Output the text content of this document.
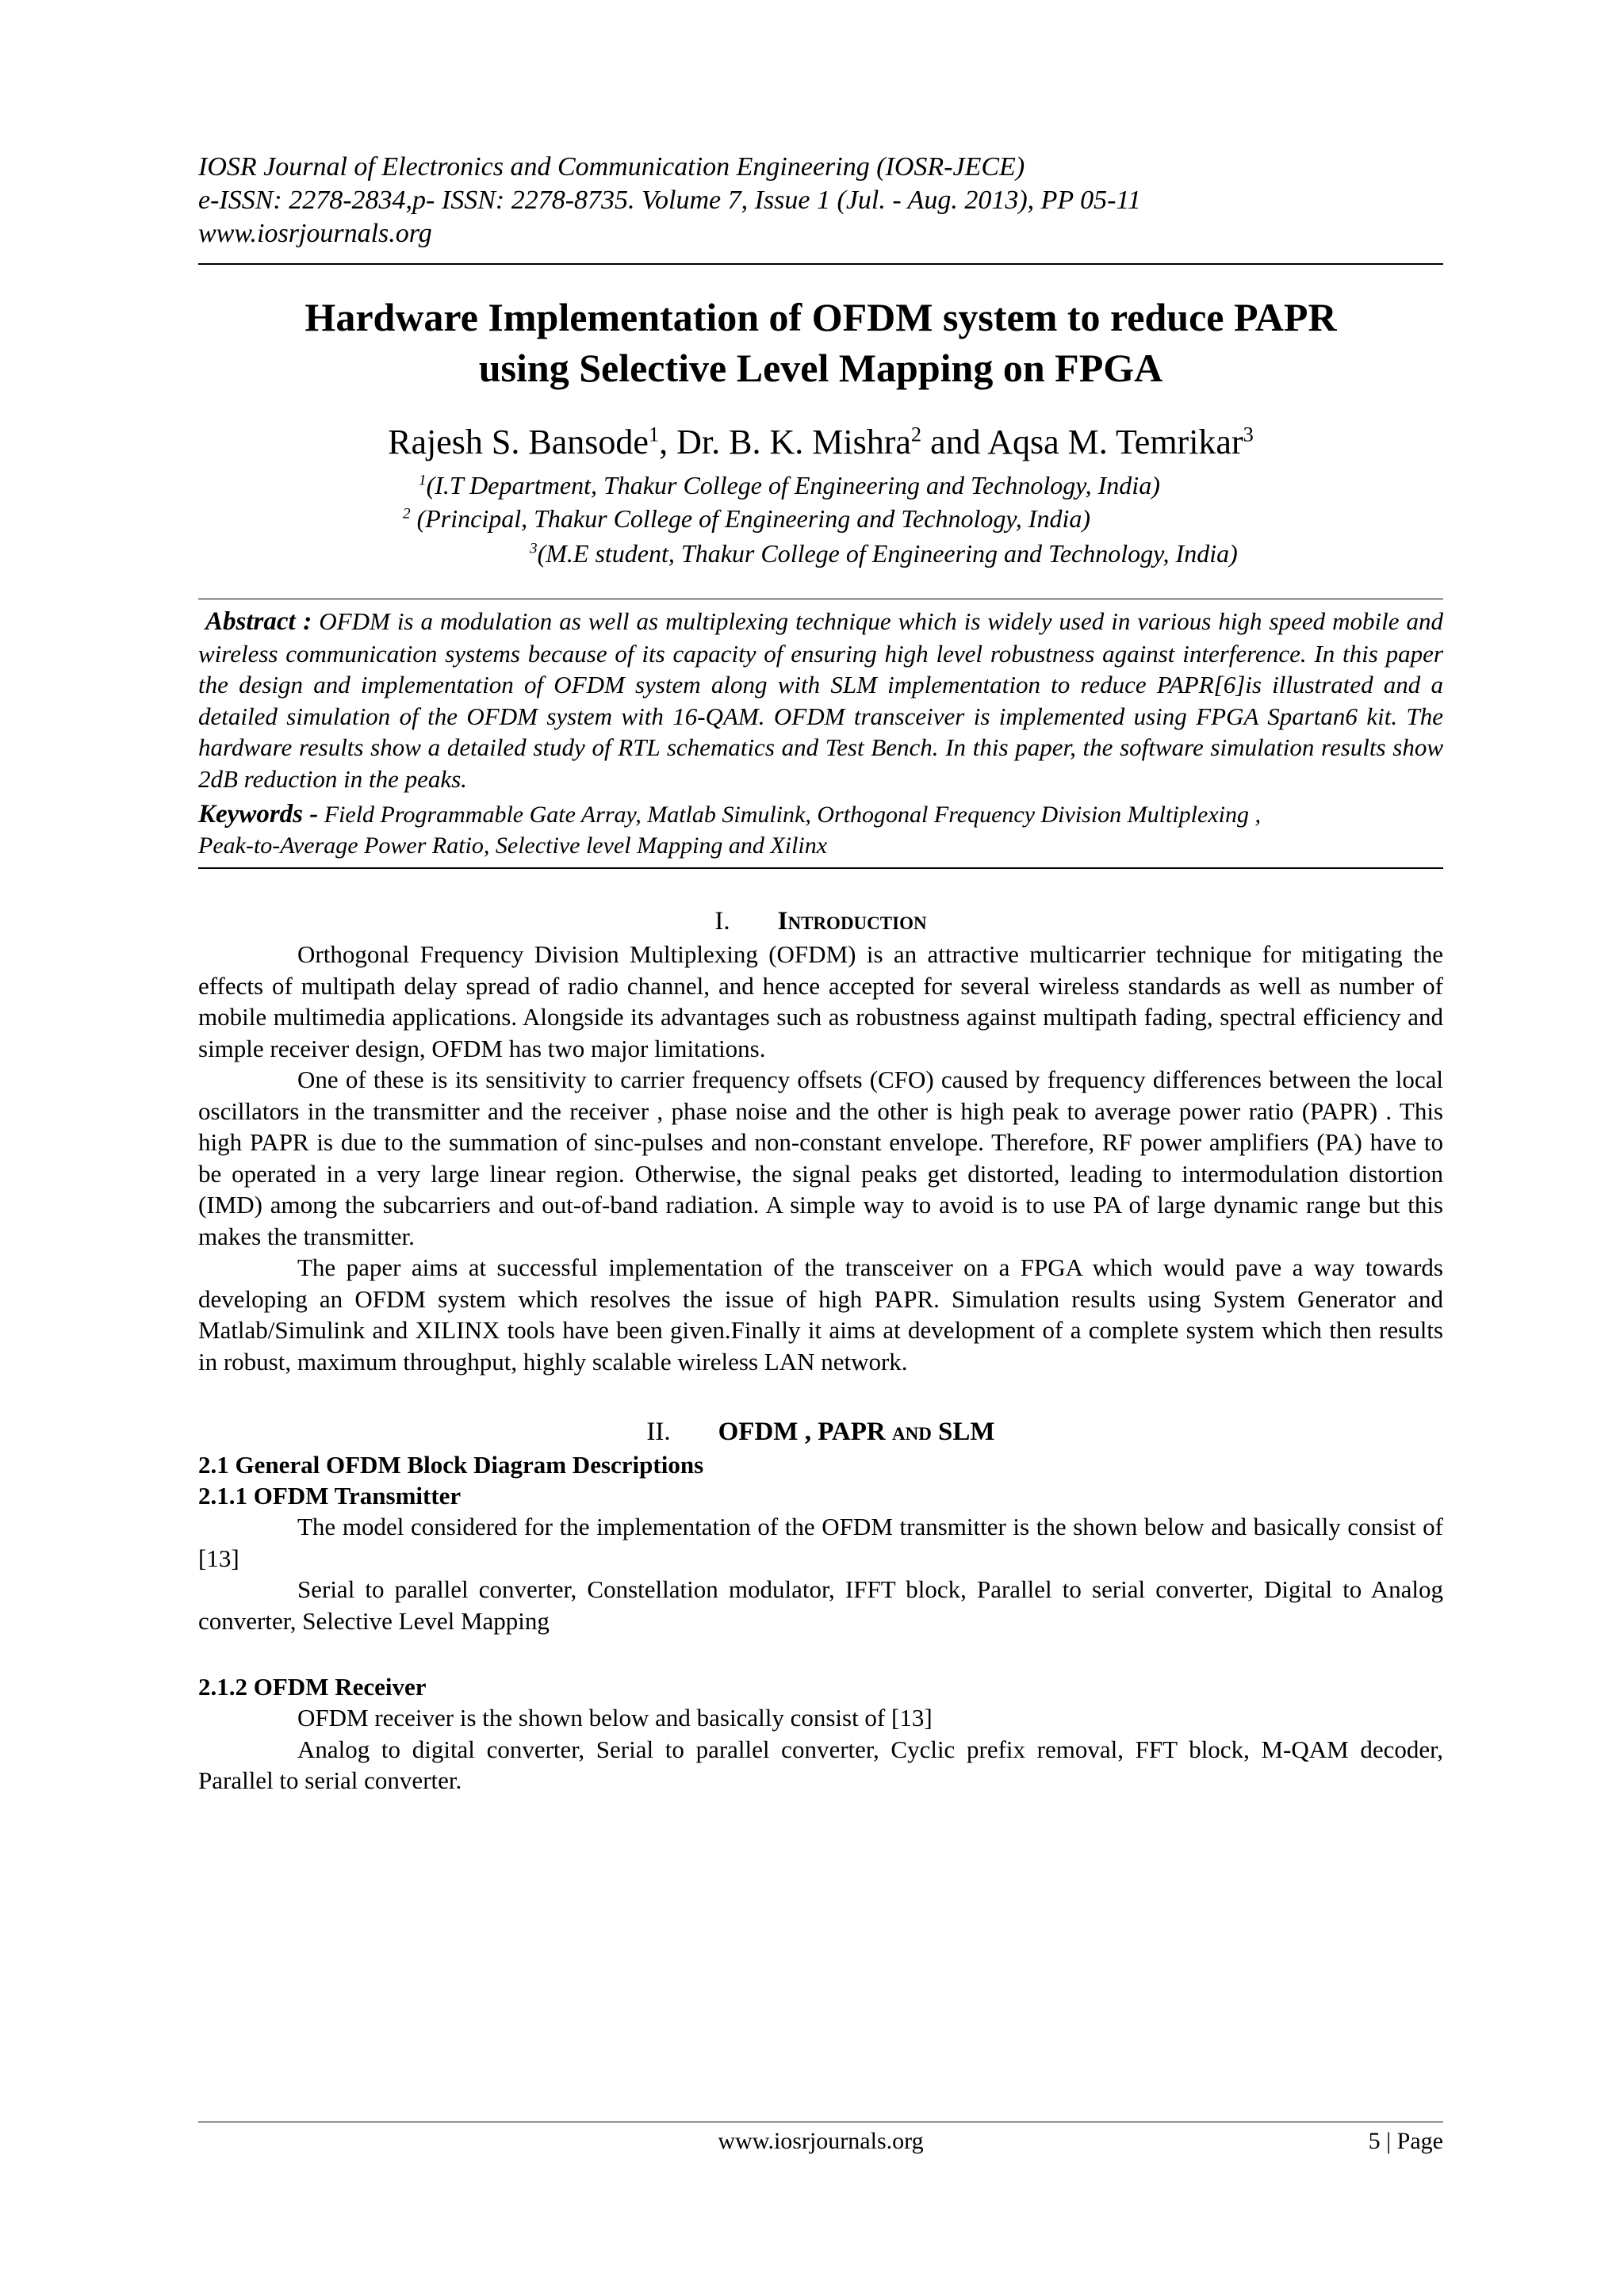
IOSR Journal of Electronics and Communication Engineering (IOSR-JECE)
e-ISSN: 2278-2834,p- ISSN: 2278-8735. Volume 7, Issue 1 (Jul. - Aug. 2013), PP 05-11
www.iosrjournals.org
Hardware Implementation of OFDM system to reduce PAPR
using Selective Level Mapping on FPGA
Rajesh S. Bansode$^1$, Dr. B. K. Mishra$^2$ and Aqsa M. Temrikar$^3$
$^1$(I.T Department, Thakur College of Engineering and Technology, India)
$^2$ (Principal, Thakur College of Engineering and Technology, India)
$^3$(M.E student, Thakur College of Engineering and Technology, India)
Abstract : OFDM is a modulation as well as multiplexing technique which is widely used in various high speed mobile and wireless communication systems because of its capacity of ensuring high level robustness against interference. In this paper the design and implementation of OFDM system along with SLM implementation to reduce PAPR[6]is illustrated and a detailed simulation of the OFDM system with 16-QAM. OFDM transceiver is implemented using FPGA Spartan6 kit. The hardware results show a detailed study of RTL schematics and Test Bench. In this paper, the software simulation results show 2dB reduction in the peaks.
Keywords - Field Programmable Gate Array, Matlab Simulink, Orthogonal Frequency Division Multiplexing ,
Peak-to-Average Power Ratio, Selective level Mapping and Xilinx
I. Introduction

Orthogonal Frequency Division Multiplexing (OFDM) is an attractive multicarrier technique for mitigating the effects of multipath delay spread of radio channel, and hence accepted for several wireless standards as well as number of mobile multimedia applications. Alongside its advantages such as robustness against multipath fading, spectral efficiency and simple receiver design, OFDM has two major limitations.

One of these is its sensitivity to carrier frequency offsets (CFO) caused by frequency differences between the local oscillators in the transmitter and the receiver , phase noise and the other is high peak to average power ratio (PAPR) . This high PAPR is due to the summation of sinc-pulses and non-constant envelope. Therefore, RF power amplifiers (PA) have to be operated in a very large linear region. Otherwise, the signal peaks get distorted, leading to intermodulation distortion (IMD) among the subcarriers and out-of-band radiation. A simple way to avoid is to use PA of large dynamic range but this makes the transmitter.

The paper aims at successful implementation of the transceiver on a FPGA which would pave a way towards developing an OFDM system which resolves the issue of high PAPR. Simulation results using System Generator and Matlab/Simulink and XILINX tools have been given.Finally it aims at development of a complete system which then results in robust, maximum throughput, highly scalable wireless LAN network.

II. OFDM , PAPR and SLM
2.1 General OFDM Block Diagram Descriptions
2.1.1 OFDM Transmitter

The model considered for the implementation of the OFDM transmitter is the shown below and basically consist of [13]

Serial to parallel converter, Constellation modulator, IFFT block, Parallel to serial converter, Digital to Analog converter, Selective Level Mapping

2.1.2 OFDM Receiver

OFDM receiver is the shown below and basically consist of [13]

Analog to digital converter, Serial to parallel converter, Cyclic prefix removal, FFT block, M-QAM decoder, Parallel to serial converter.

www.iosrjournals.org	5 | Page
